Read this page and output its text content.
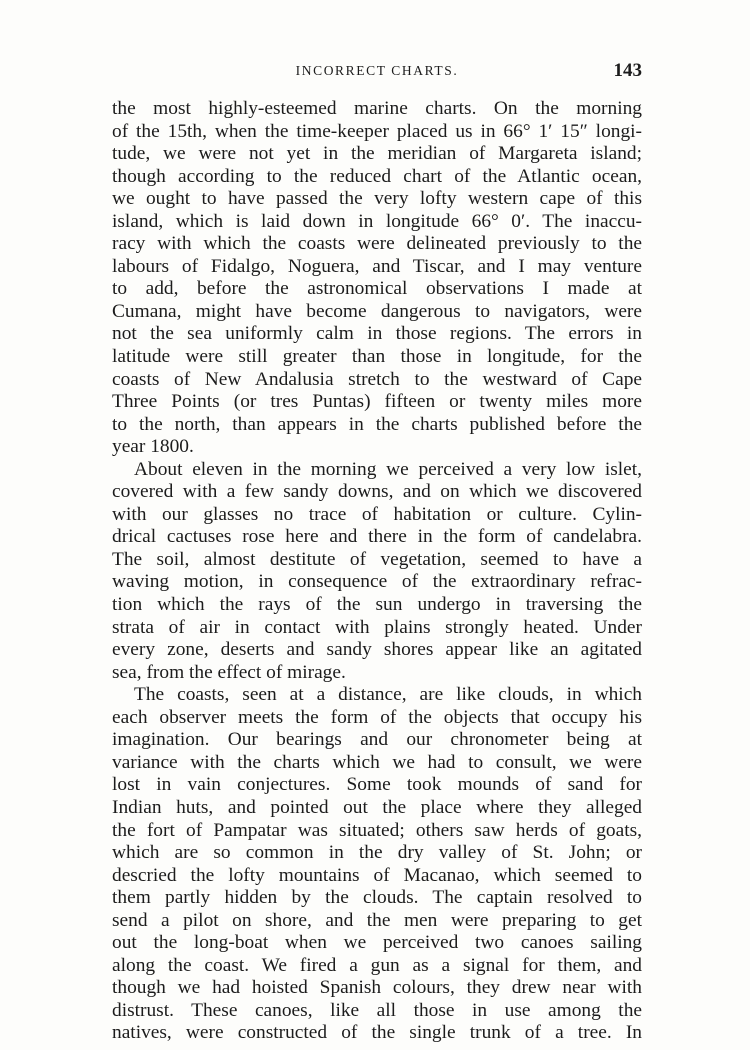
INCORRECT CHARTS.	143
the most highly-esteemed marine charts. On the morning
of the 15th, when the time-keeper placed us in 66° 1′ 15″ longi-
tude, we were not yet in the meridian of Margareta island;
though according to the reduced chart of the Atlantic ocean,
we ought to have passed the very lofty western cape of this
island, which is laid down in longitude 66° 0′. The inaccu-
racy with which the coasts were delineated previously to the
labours of Fidalgo, Noguera, and Tiscar, and I may venture
to add, before the astronomical observations I made at
Cumana, might have become dangerous to navigators, were
not the sea uniformly calm in those regions. The errors in
latitude were still greater than those in longitude, for the
coasts of New Andalusia stretch to the westward of Cape
Three Points (or tres Puntas) fifteen or twenty miles more
to the north, than appears in the charts published before the
year 1800.
About eleven in the morning we perceived a very low islet,
covered with a few sandy downs, and on which we discovered
with our glasses no trace of habitation or culture. Cylin-
drical cactuses rose here and there in the form of candelabra.
The soil, almost destitute of vegetation, seemed to have a
waving motion, in consequence of the extraordinary refrac-
tion which the rays of the sun undergo in traversing the
strata of air in contact with plains strongly heated. Under
every zone, deserts and sandy shores appear like an agitated
sea, from the effect of mirage.
The coasts, seen at a distance, are like clouds, in which
each observer meets the form of the objects that occupy his
imagination. Our bearings and our chronometer being at
variance with the charts which we had to consult, we were
lost in vain conjectures. Some took mounds of sand for
Indian huts, and pointed out the place where they alleged
the fort of Pampatar was situated; others saw herds of goats,
which are so common in the dry valley of St. John; or
descried the lofty mountains of Macanao, which seemed to
them partly hidden by the clouds. The captain resolved to
send a pilot on shore, and the men were preparing to get
out the long-boat when we perceived two canoes sailing
along the coast. We fired a gun as a signal for them, and
though we had hoisted Spanish colours, they drew near with
distrust. These canoes, like all those in use among the
natives, were constructed of the single trunk of a tree. In
